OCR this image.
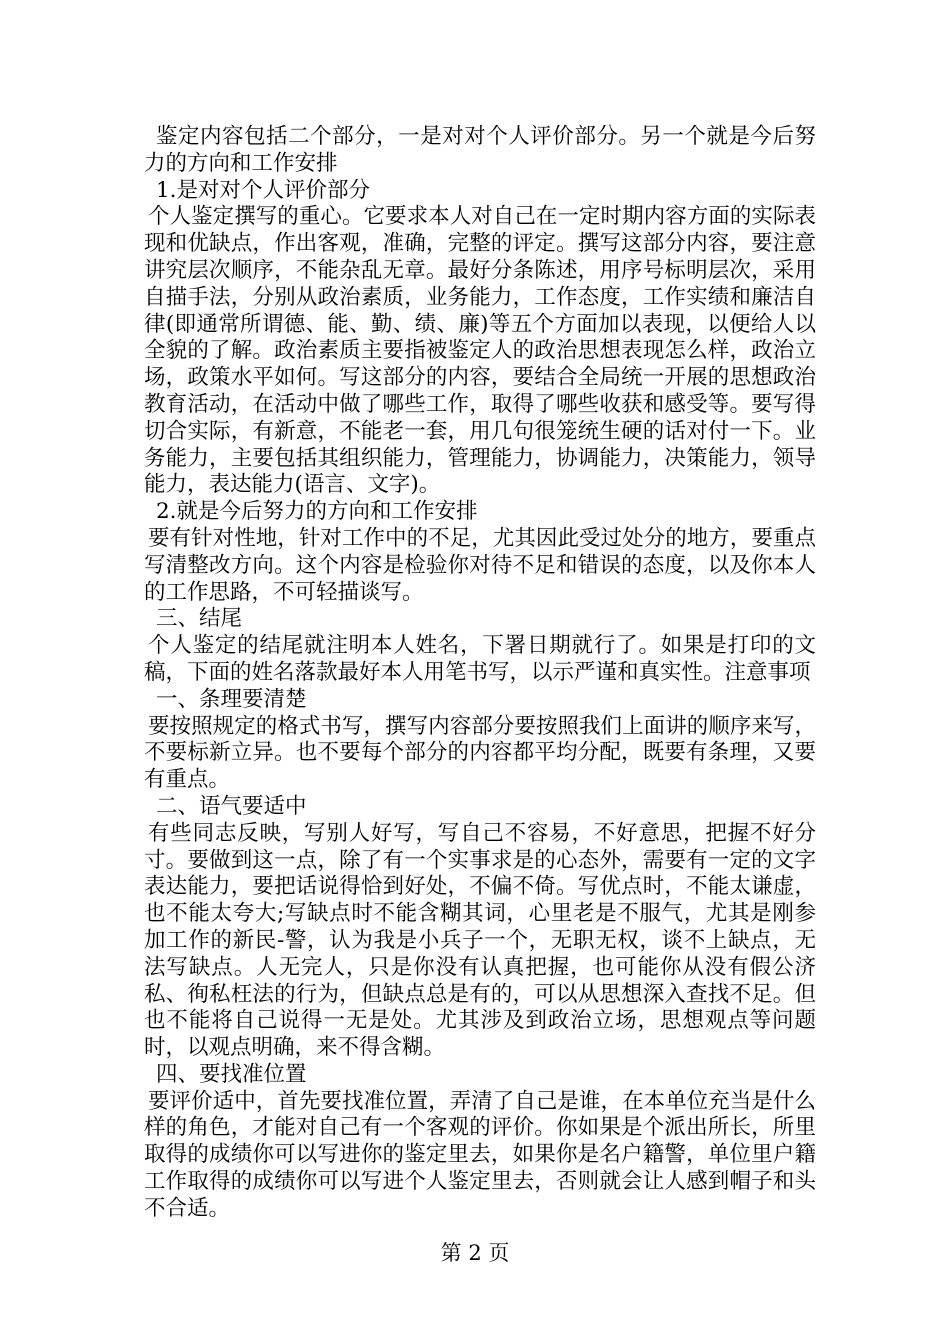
鉴定内容包括二个部分，一是对对个人评价部分。另一个就是今后努力的方向和工作安排

1.是对对个人评价部分

个人鉴定撰写的重心。它要求本人对自己在一定时期内容方面的实际表现和优缺点，作出客观，准确，完整的评定。撰写这部分内容，要注意讲究层次顺序，不能杂乱无章。最好分条陈述，用序号标明层次，采用自描手法，分别从政治素质，业务能力，工作态度，工作实绩和廉洁自律(即通常所谓德、能、勤、绩、廉)等五个方面加以表现，以便给人以全貌的了解。政治素质主要指被鉴定人的政治思想表现怎么样，政治立场，政策水平如何。写这部分的内容，要结合全局统一开展的思想政治教育活动，在活动中做了哪些工作，取得了哪些收获和感受等。要写得切合实际，有新意，不能老一套，用几句很笼统生硬的话对付一下。业务能力，主要包括其组织能力，管理能力，协调能力，决策能力，领导能力，表达能力(语言、文字)。

2.就是今后努力的方向和工作安排

要有针对性地，针对工作中的不足，尤其因此受过处分的地方，要重点写清整改方向。这个内容是检验你对待不足和错误的态度，以及你本人的工作思路，不可轻描谈写。

三、结尾

个人鉴定的结尾就注明本人姓名，下署日期就行了。如果是打印的文稿，下面的姓名落款最好本人用笔书写，以示严谨和真实性。注意事项

一、条理要清楚

要按照规定的格式书写，撰写内容部分要按照我们上面讲的顺序来写，不要标新立异。也不要每个部分的内容都平均分配，既要有条理，又要有重点。

二、语气要适中

有些同志反映，写别人好写，写自己不容易，不好意思，把握不好分寸。要做到这一点，除了有一个实事求是的心态外，需要有一定的文字表达能力，要把话说得恰到好处，不偏不倚。写优点时，不能太谦虚，也不能太夸大;写缺点时不能含糊其词，心里老是不服气，尤其是刚参加工作的新民-警，认为我是小兵子一个，无职无权，谈不上缺点，无法写缺点。人无完人，只是你没有认真把握，也可能你从没有假公济私、徇私枉法的行为，但缺点总是有的，可以从思想深入查找不足。但也不能将自己说得一无是处。尤其涉及到政治立场，思想观点等问题时，以观点明确，来不得含糊。

四、要找准位置

要评价适中，首先要找准位置，弄清了自己是谁，在本单位充当是什么样的角色，才能对自己有一个客观的评价。你如果是个派出所长，所里取得的成绩你可以写进你的鉴定里去，如果你是名户籍警，单位里户籍工作取得的成绩你可以写进个人鉴定里去，否则就会让人感到帽子和头不合适。

第 2 页
